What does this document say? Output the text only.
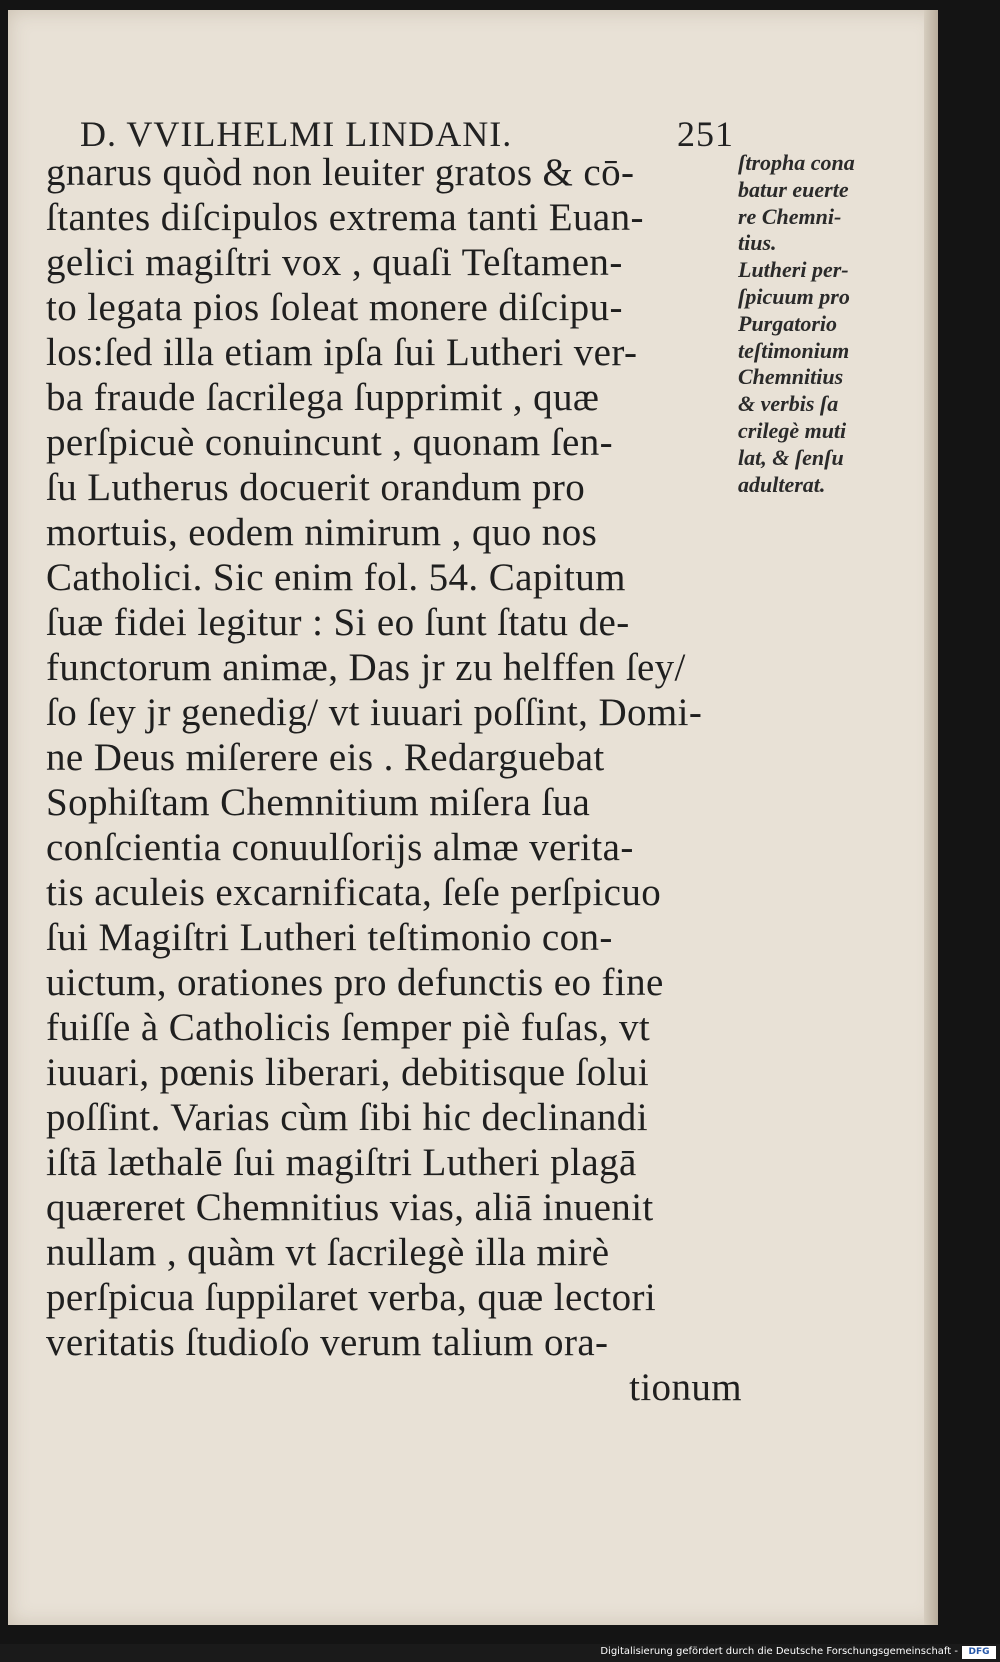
D. VVILHELMI LINDANI.	251
gnarus quòd non leuiter gratos & cō-
ſtantes diſcipulos extrema tanti Euan-
gelici magiſtri vox , quaſi Teſtamen-
to legata pios ſoleat monere diſcipu-
los:ſed illa etiam ipſa ſui Lutheri ver-
ba fraude ſacrilega ſupprimit , quæ
perſpicuè conuincunt , quonam ſen-
ſu Lutherus docuerit orandum pro
mortuis, eodem nimirum , quo nos
Catholici. Sic enim fol. 54. Capitum
ſuæ fidei legitur : Si eo ſunt ſtatu de-
functorum animæ, Das jr zu helffen ſey/
ſo ſey jr genedig/ vt iuuari poſſint, Domi-
ne Deus miſerere eis . Redarguebat
Sophiſtam Chemnitium miſera ſua
conſcientia conuulſorijs almæ verita-
tis aculeis excarnificata, ſeſe perſpicuo
ſui Magiſtri Lutheri teſtimonio con-
uictum, orationes pro defunctis eo fine
fuiſſe à Catholicis ſemper piè fuſas, vt
iuuari, pœnis liberari, debitisque ſolui
poſſint. Varias cùm ſibi hic declinandi
iſtā læthalē ſui magiſtri Lutheri plagā
quæreret Chemnitius vias, aliā inuenit
nullam , quàm vt ſacrilegè illa mirè
perſpicua ſuppilaret verba, quæ lectori
veritatis ſtudioſo verum talium ora-
tionum
ſtropha cona
batur euerte
re Chemni-
tius.
Lutheri per-
ſpicuum pro
Purgatorio
teſtimonium
Chemnitius
& verbis ſa
crilegè muti
lat, & ſenſu
adulterat.
Digitalisierung gefördert durch die Deutsche Forschungsgemeinschaft -	DFG
